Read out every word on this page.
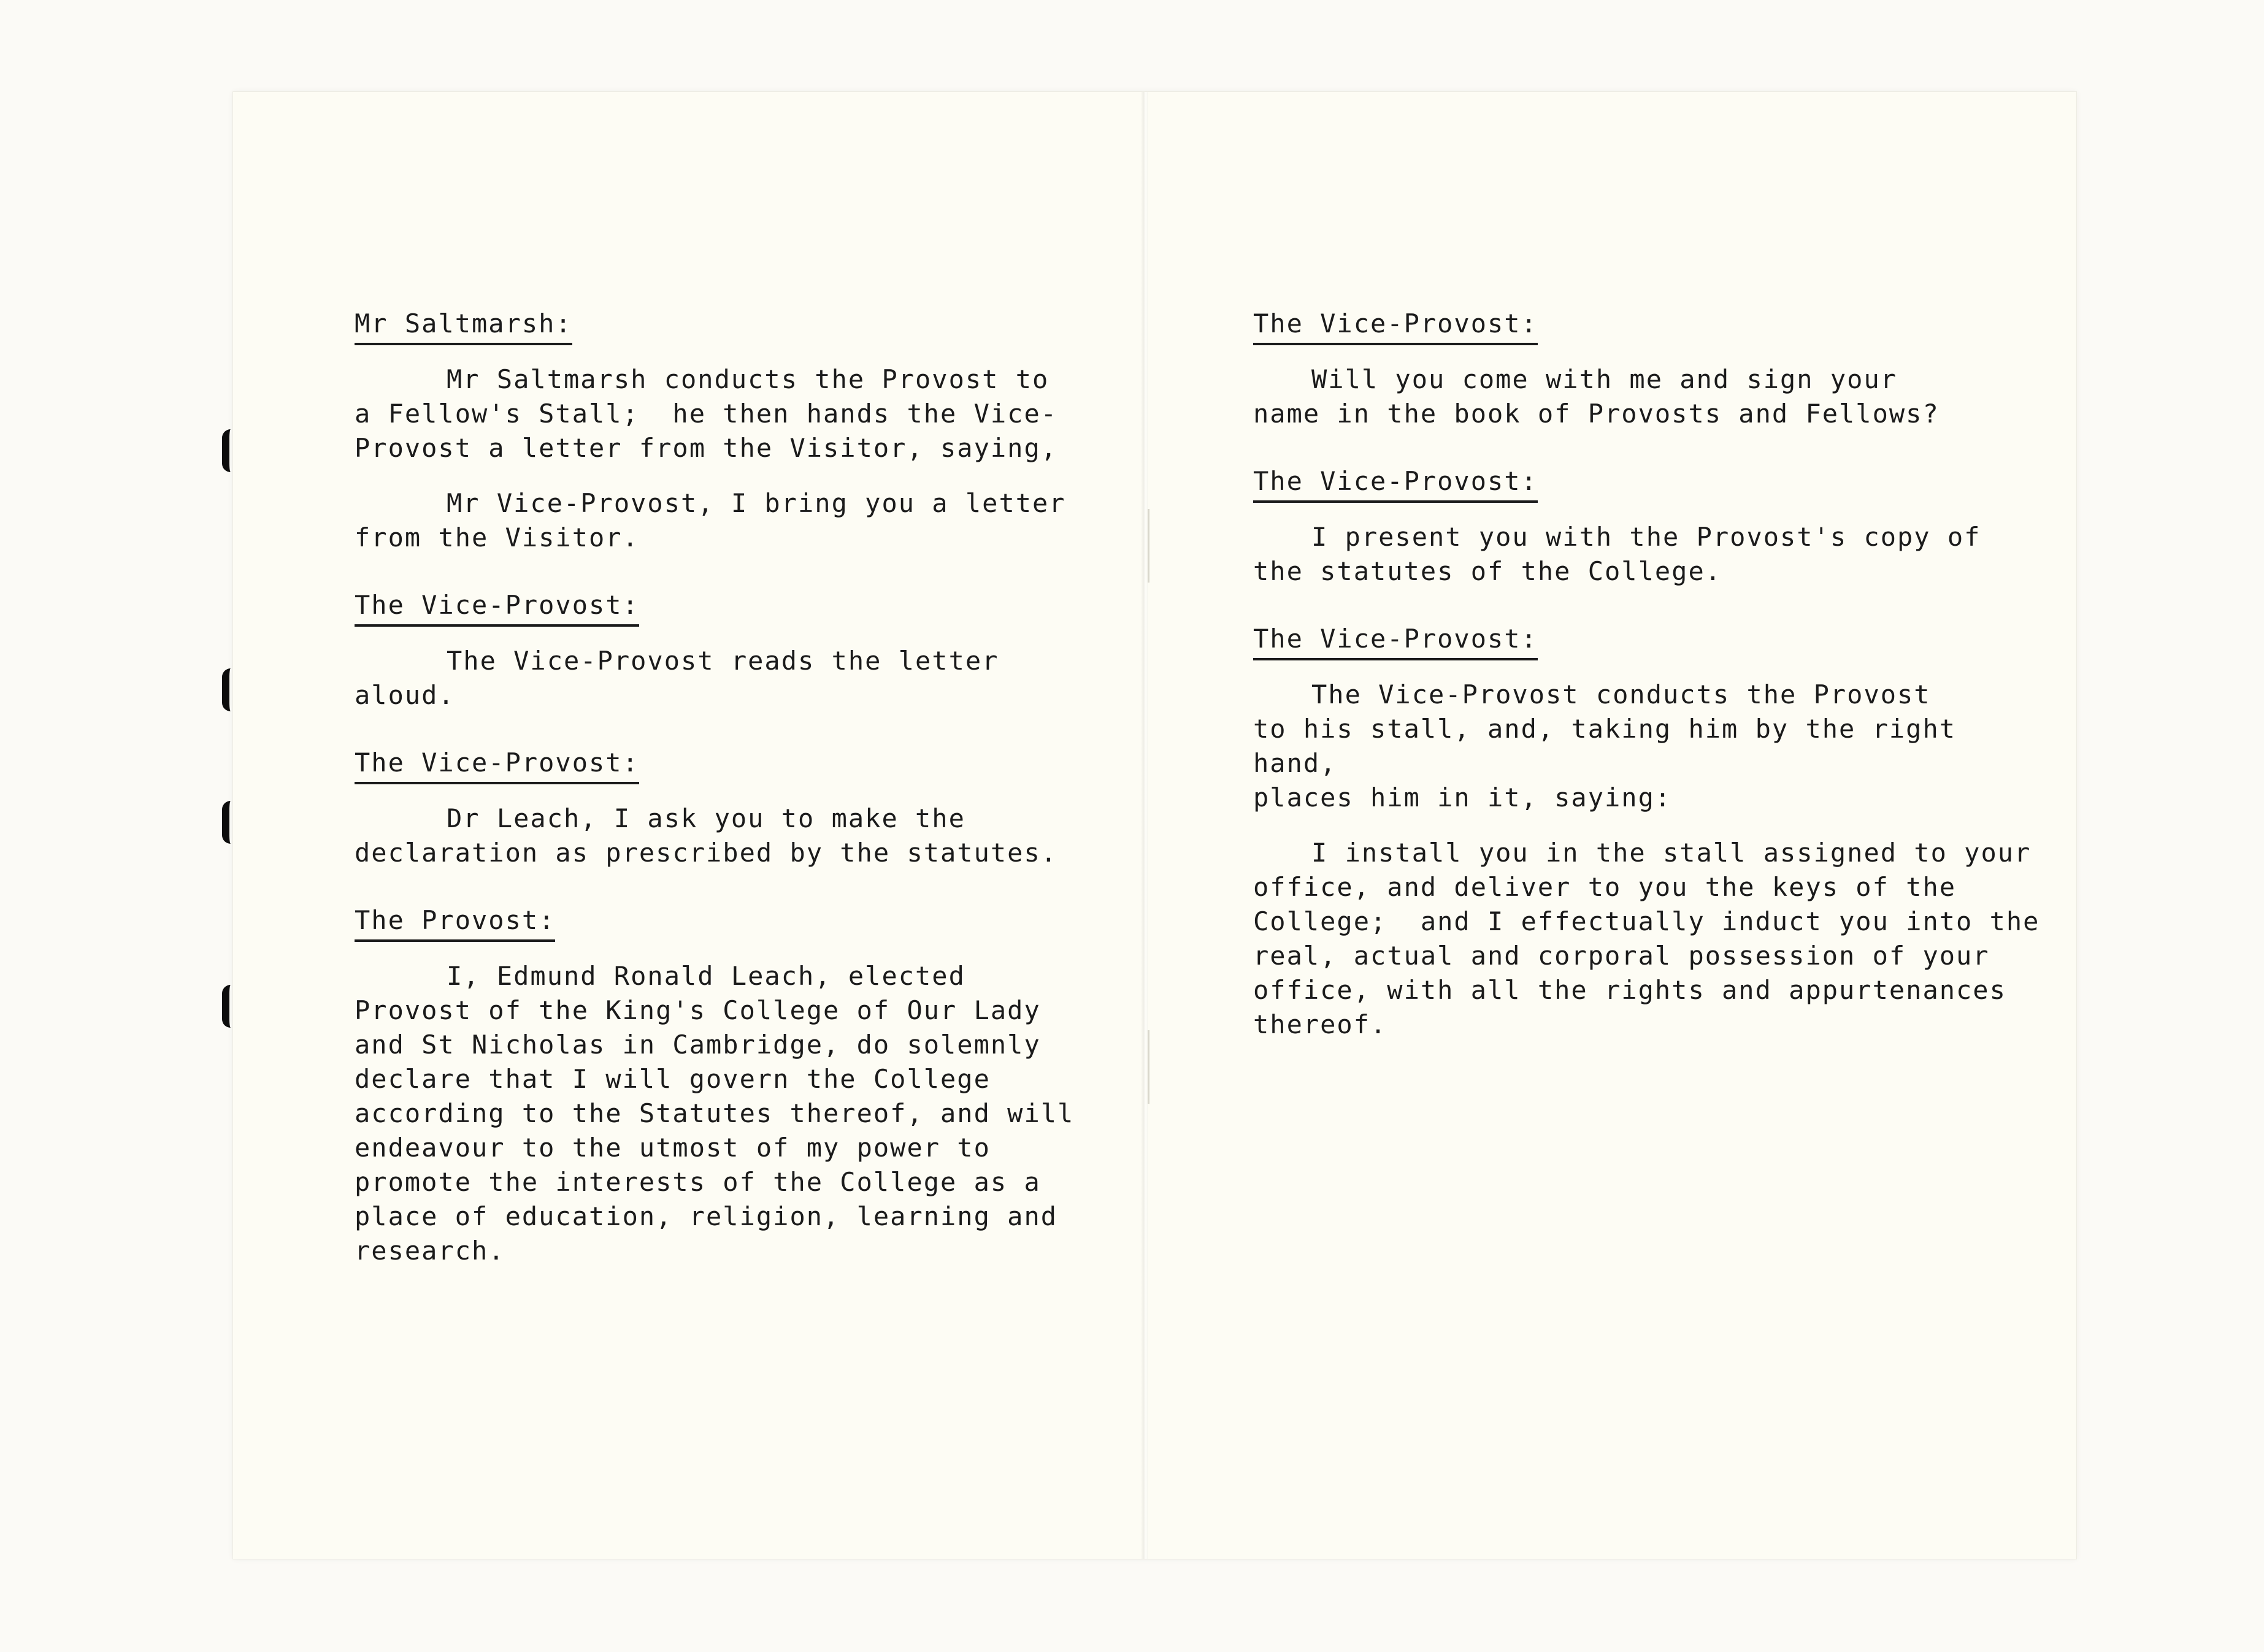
Mr Saltmarsh:
Mr Saltmarsh conducts the Provost to
a Fellow's Stall;  he then hands the Vice-
Provost a letter from the Visitor, saying,
Mr Vice-Provost, I bring you a letter
from the Visitor.
The Vice-Provost:
The Vice-Provost reads the letter aloud.
The Vice-Provost:
Dr Leach, I ask you to make the
declaration as prescribed by the statutes.
The Provost:
I, Edmund Ronald Leach, elected
Provost of the King's College of Our Lady
and St Nicholas in Cambridge, do solemnly
declare that I will govern the College
according to the Statutes thereof, and will
endeavour to the utmost of my power to
promote the interests of the College as a
place of education, religion, learning and
research.
The Vice-Provost:
Will you come with me and sign your
name in the book of Provosts and Fellows?
The Vice-Provost:
I present you with the Provost's copy of
the statutes of the College.
The Vice-Provost:
The Vice-Provost conducts the Provost
to his stall, and, taking him by the right hand,
places him in it, saying:
I install you in the stall assigned to your
office, and deliver to you the keys of the
College;  and I effectually induct you into the
real, actual and corporal possession of your
office, with all the rights and appurtenances
thereof.
